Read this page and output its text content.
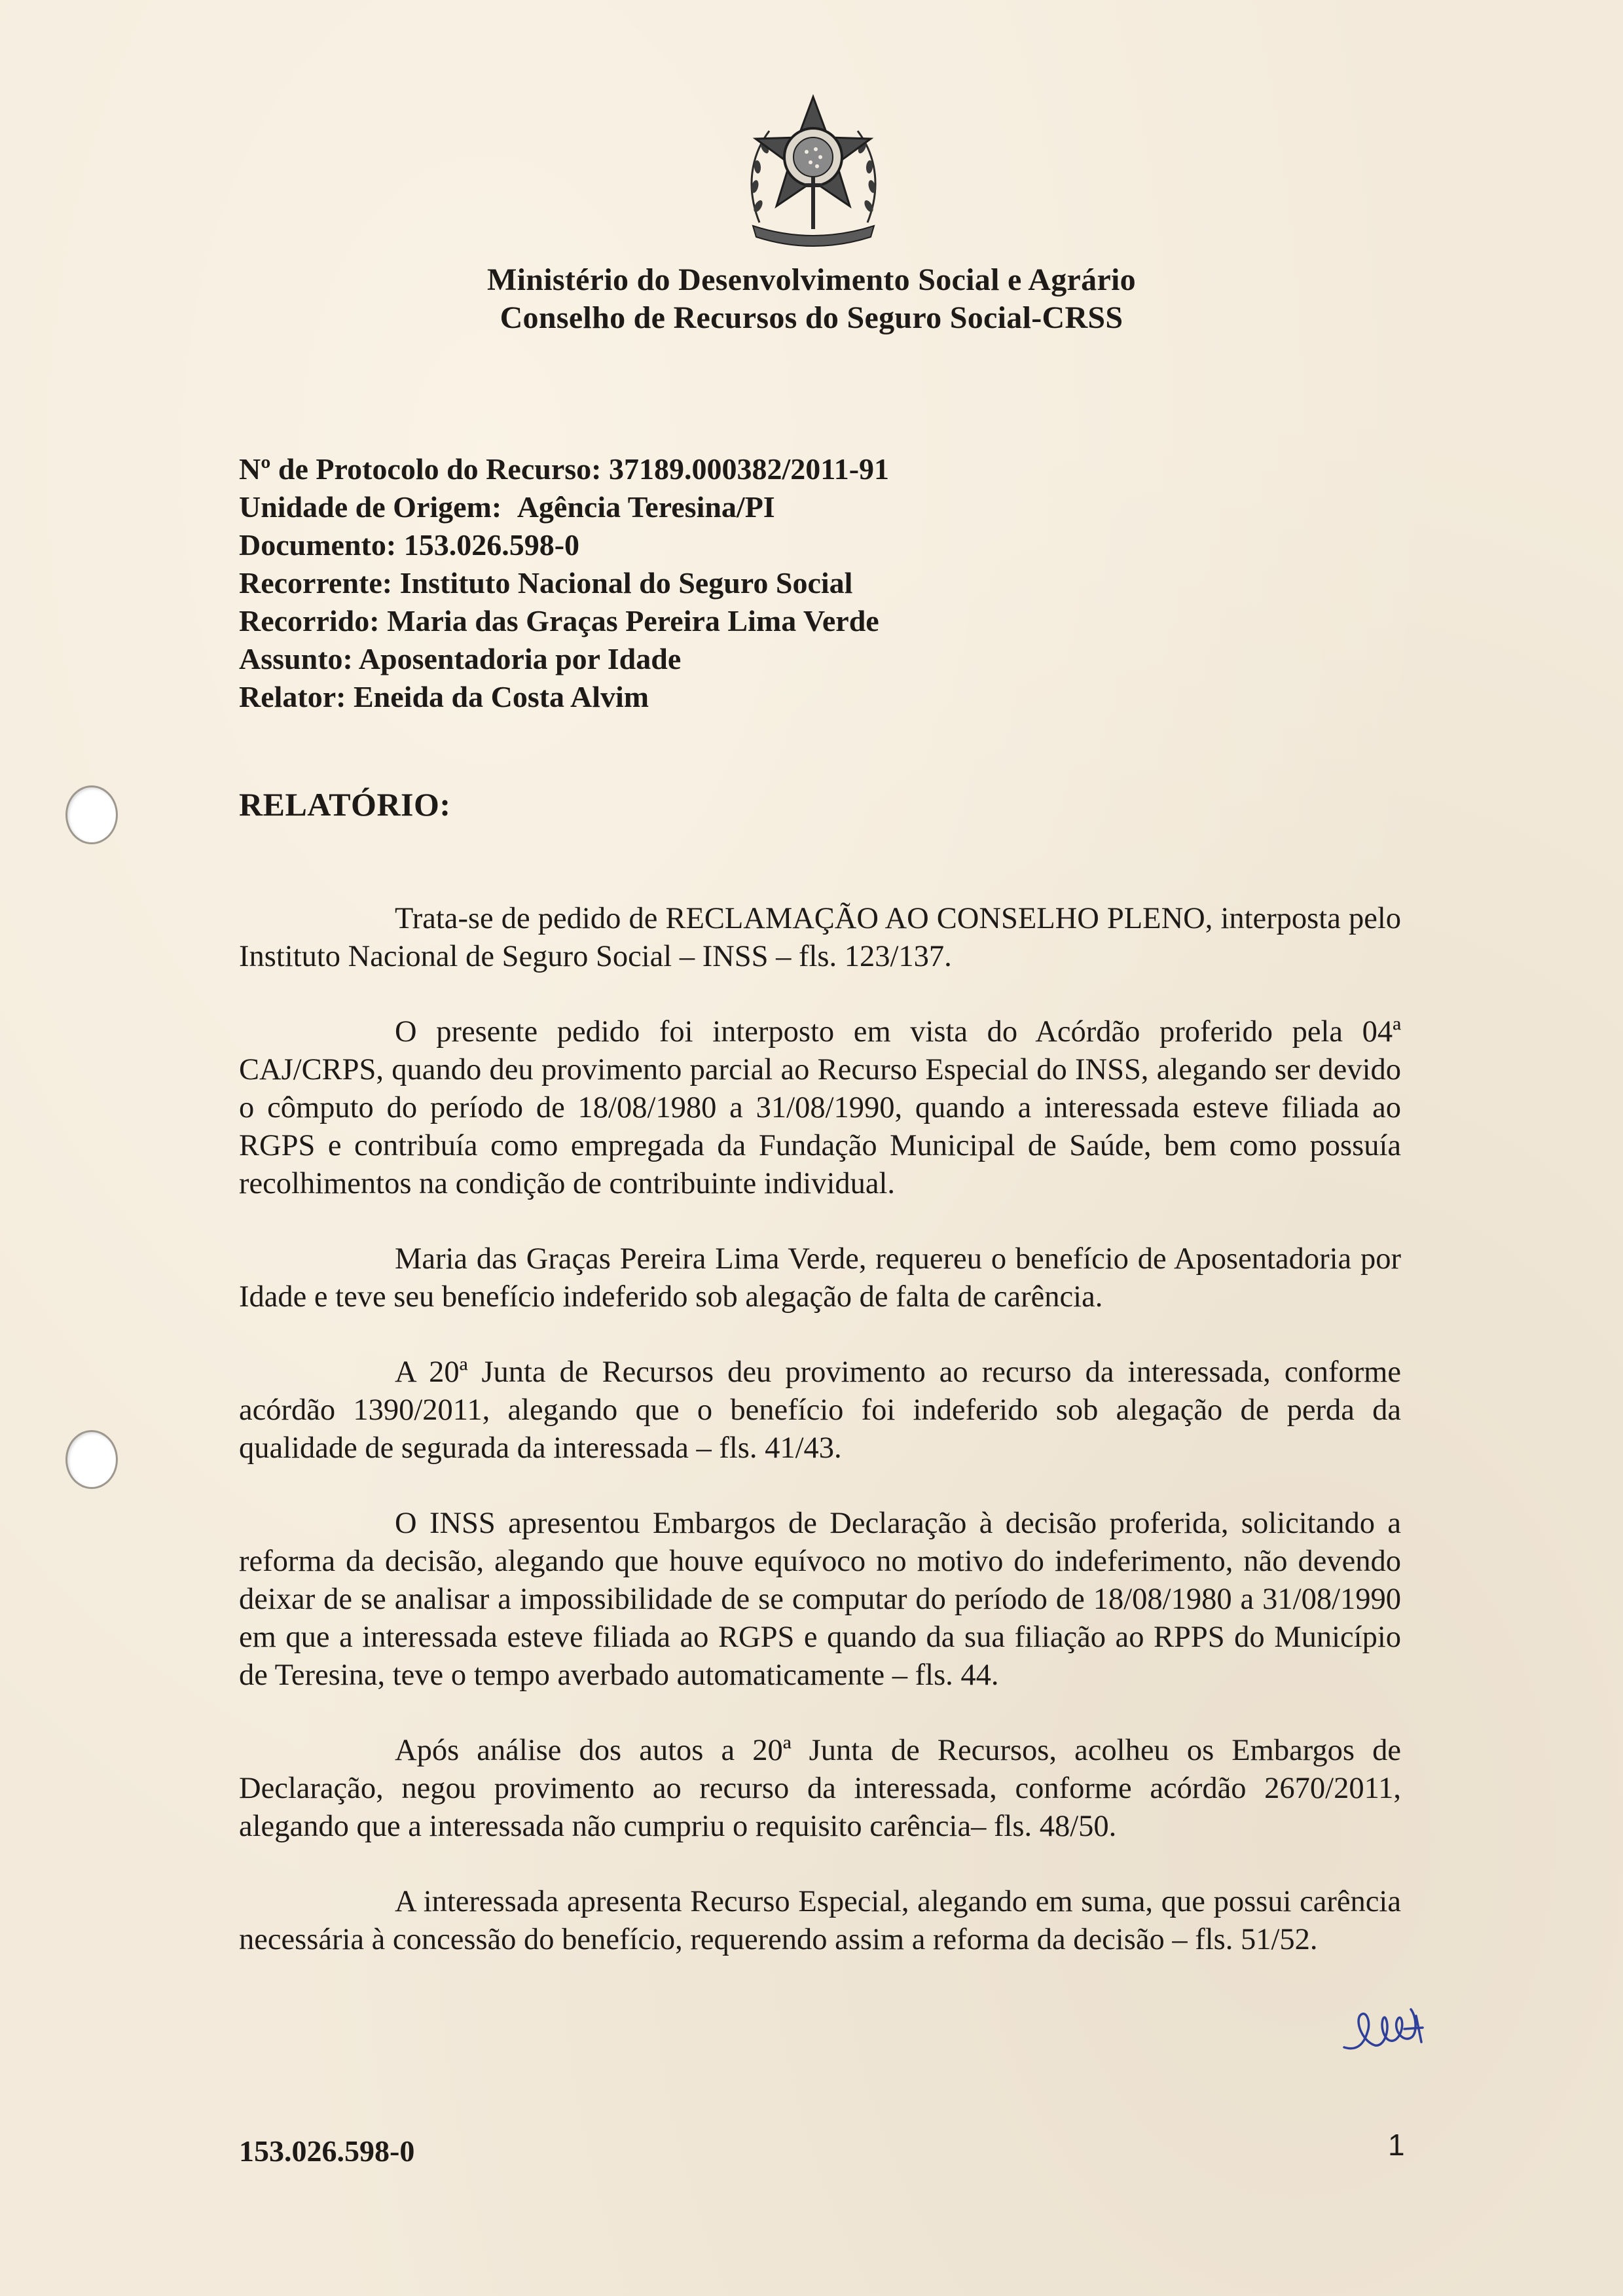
Ministério do Desenvolvimento Social e Agrário
Conselho de Recursos do Seguro Social-CRSS
Nº de Protocolo do Recurso: 37189.000382/2011-91
Unidade de Origem: Agência Teresina/PI
Documento: 153.026.598-0
Recorrente: Instituto Nacional do Seguro Social
Recorrido: Maria das Graças Pereira Lima Verde
Assunto: Aposentadoria por Idade
Relator: Eneida da Costa Alvim
RELATÓRIO:

Trata-se de pedido de RECLAMAÇÃO AO CONSELHO PLENO, interposta pelo Instituto Nacional de Seguro Social – INSS – fls. 123/137.

O presente pedido foi interposto em vista do Acórdão proferido pela 04ª CAJ/CRPS, quando deu provimento parcial ao Recurso Especial do INSS, alegando ser devido o cômputo do período de 18/08/1980 a 31/08/1990, quando a interessada esteve filiada ao RGPS e contribuía como empregada da Fundação Municipal de Saúde, bem como possuía recolhimentos na condição de contribuinte individual.

Maria das Graças Pereira Lima Verde, requereu o benefício de Aposentadoria por Idade e teve seu benefício indeferido sob alegação de falta de carência.

A 20ª Junta de Recursos deu provimento ao recurso da interessada, conforme acórdão 1390/2011, alegando que o benefício foi indeferido sob alegação de perda da qualidade de segurada da interessada – fls. 41/43.

O INSS apresentou Embargos de Declaração à decisão proferida, solicitando a reforma da decisão, alegando que houve equívoco no motivo do indeferimento, não devendo deixar de se analisar a impossibilidade de se computar do período de 18/08/1980 a 31/08/1990 em que a interessada esteve filiada ao RGPS e quando da sua filiação ao RPPS do Município de Teresina, teve o tempo averbado automaticamente – fls. 44.

Após análise dos autos a 20ª Junta de Recursos, acolheu os Embargos de Declaração, negou provimento ao recurso da interessada, conforme acórdão 2670/2011, alegando que a interessada não cumpriu o requisito carência– fls. 48/50.

A interessada apresenta Recurso Especial, alegando em suma, que possui carência necessária à concessão do benefício, requerendo assim a reforma da decisão – fls. 51/52.

153.026.598-0	1
